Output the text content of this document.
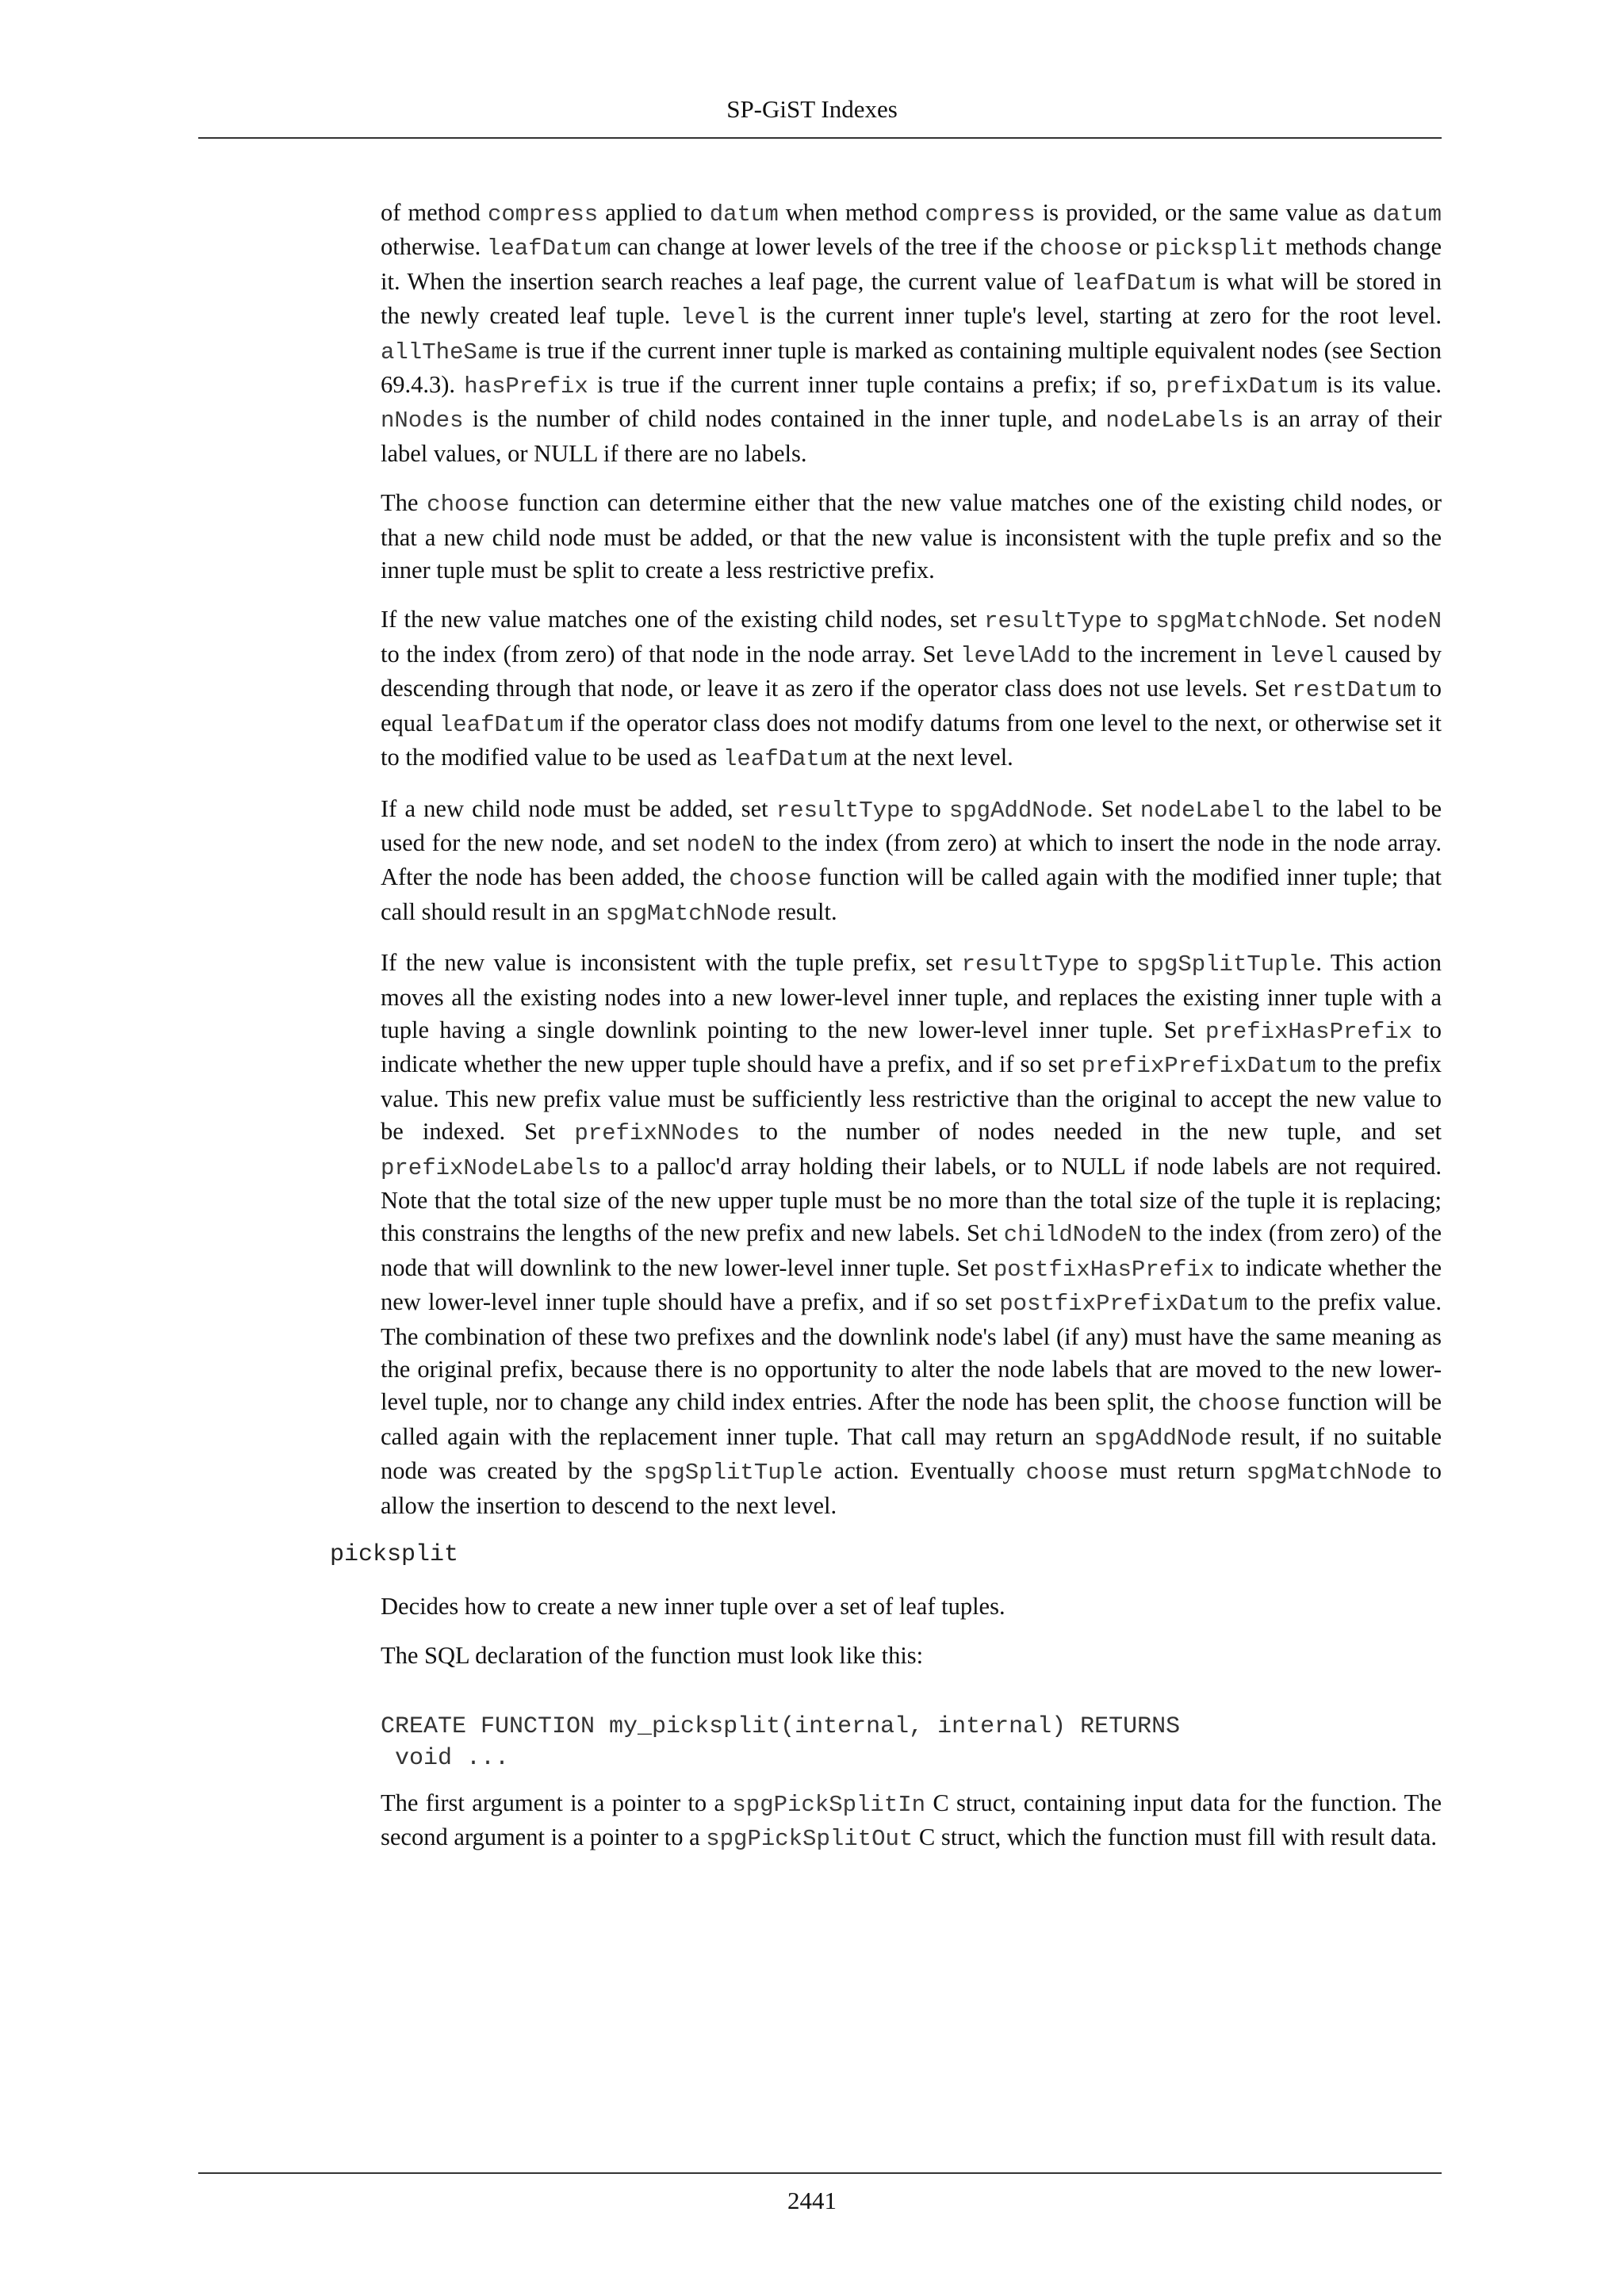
SP-GiST Indexes

of method compress applied to datum when method compress is provided, or the same value as datum otherwise. leafDatum can change at lower levels of the tree if the choose or picksplit methods change it. When the insertion search reaches a leaf page, the current value of leafDatum is what will be stored in the newly created leaf tuple. level is the current inner tuple's level, starting at zero for the root level. allTheSame is true if the current inner tuple is marked as containing multiple equivalent nodes (see Section 69.4.3). hasPrefix is true if the current inner tuple contains a prefix; if so, prefixDatum is its value. nNodes is the number of child nodes contained in the inner tuple, and nodeLabels is an array of their label values, or NULL if there are no labels.

The choose function can determine either that the new value matches one of the existing child nodes, or that a new child node must be added, or that the new value is inconsistent with the tuple prefix and so the inner tuple must be split to create a less restrictive prefix.

If the new value matches one of the existing child nodes, set resultType to spgMatchNode. Set nodeN to the index (from zero) of that node in the node array. Set levelAdd to the increment in level caused by descending through that node, or leave it as zero if the operator class does not use levels. Set restDatum to equal leafDatum if the operator class does not modify datums from one level to the next, or otherwise set it to the modified value to be used as leafDatum at the next level.

If a new child node must be added, set resultType to spgAddNode. Set nodeLabel to the label to be used for the new node, and set nodeN to the index (from zero) at which to insert the node in the node array. After the node has been added, the choose function will be called again with the modified inner tuple; that call should result in an spgMatchNode result.

If the new value is inconsistent with the tuple prefix, set resultType to spgSplitTuple. This action moves all the existing nodes into a new lower-level inner tuple, and replaces the existing inner tuple with a tuple having a single downlink pointing to the new lower-level inner tuple. Set prefixHasPrefix to indicate whether the new upper tuple should have a prefix, and if so set prefixPrefixDatum to the prefix value. This new prefix value must be sufficiently less restrictive than the original to accept the new value to be indexed. Set prefixNNodes to the number of nodes needed in the new tuple, and set prefixNodeLabels to a palloc'd array holding their labels, or to NULL if node labels are not required. Note that the total size of the new upper tuple must be no more than the total size of the tuple it is replacing; this constrains the lengths of the new prefix and new labels. Set childNodeN to the index (from zero) of the node that will downlink to the new lower-level inner tuple. Set postfixHasPrefix to indicate whether the new lower-level inner tuple should have a prefix, and if so set postfixPrefixDatum to the prefix value. The combination of these two prefixes and the downlink node's label (if any) must have the same meaning as the original prefix, because there is no opportunity to alter the node labels that are moved to the new lower-level tuple, nor to change any child index entries. After the node has been split, the choose function will be called again with the replacement inner tuple. That call may return an spgAddNode result, if no suitable node was created by the spgSplitTuple action. Eventually choose must return spgMatchNode to allow the insertion to descend to the next level.

picksplit

Decides how to create a new inner tuple over a set of leaf tuples.

The SQL declaration of the function must look like this:

CREATE FUNCTION my_picksplit(internal, internal) RETURNS
void ...

The first argument is a pointer to a spgPickSplitIn C struct, containing input data for the function. The second argument is a pointer to a spgPickSplitOut C struct, which the function must fill with result data.

2441
